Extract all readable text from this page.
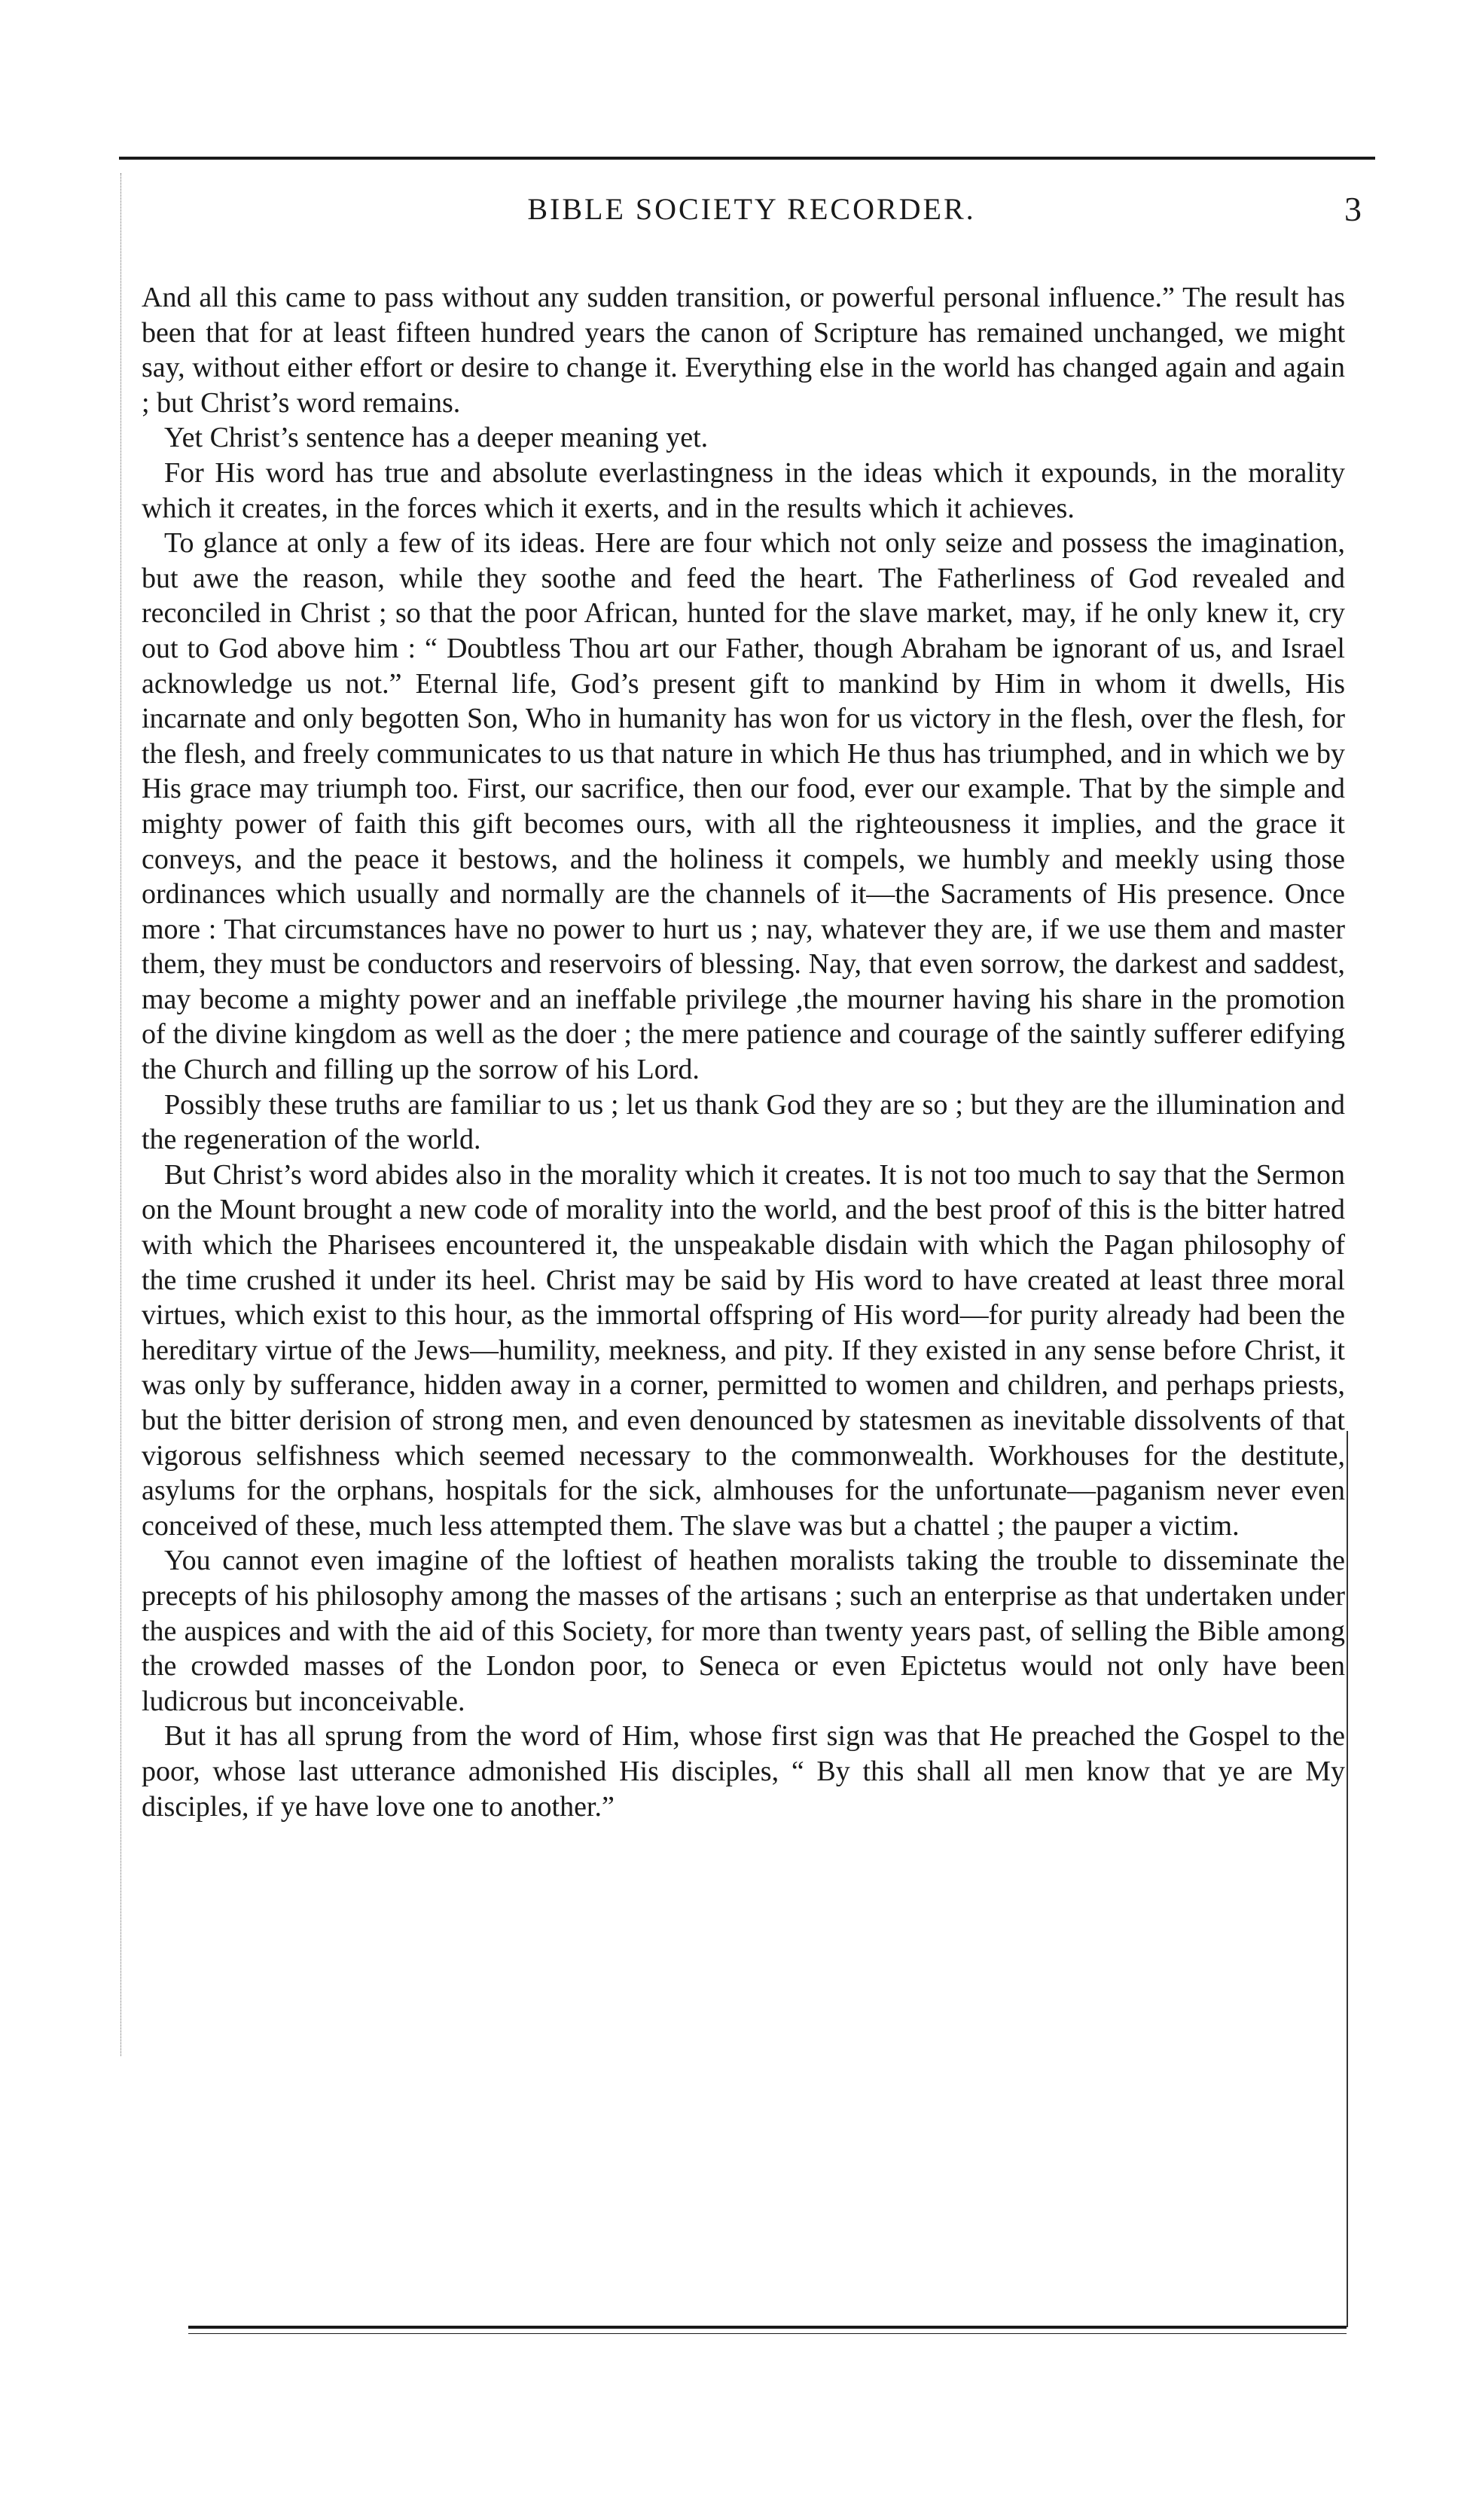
BIBLE SOCIETY RECORDER.	3

And all this came to pass without any sudden transition, or powerful personal influence.” The result has been that for at least fifteen hundred years the canon of Scripture has remained unchanged, we might say, without either effort or desire to change it. Everything else in the world has changed again and again ; but Christ’s word remains.

Yet Christ’s sentence has a deeper meaning yet.

For His word has true and absolute everlastingness in the ideas which it expounds, in the morality which it creates, in the forces which it exerts, and in the results which it achieves.

To glance at only a few of its ideas. Here are four which not only seize and possess the imagination, but awe the reason, while they soothe and feed the heart. The Fatherliness of God revealed and reconciled in Christ ; so that the poor African, hunted for the slave market, may, if he only knew it, cry out to God above him : “ Doubtless Thou art our Father, though Abraham be ignorant of us, and Israel acknowledge us not.” Eternal life, God’s present gift to mankind by Him in whom it dwells, His incarnate and only begotten Son, Who in humanity has won for us victory in the flesh, over the flesh, for the flesh, and freely communicates to us that nature in which He thus has triumphed, and in which we by His grace may triumph too. First, our sacrifice, then our food, ever our example. That by the simple and mighty power of faith this gift becomes ours, with all the righteousness it implies, and the grace it conveys, and the peace it bestows, and the holiness it compels, we humbly and meekly using those ordinances which usually and normally are the channels of it—the Sacraments of His presence. Once more : That circumstances have no power to hurt us ; nay, whatever they are, if we use them and master them, they must be conductors and reservoirs of blessing. Nay, that even sorrow, the darkest and saddest, may become a mighty power and an ineffable privilege ,the mourner having his share in the promotion of the divine kingdom as well as the doer ; the mere patience and courage of the saintly sufferer edifying the Church and filling up the sorrow of his Lord.

Possibly these truths are familiar to us ; let us thank God they are so ; but they are the illumination and the regeneration of the world.

But Christ’s word abides also in the morality which it creates. It is not too much to say that the Sermon on the Mount brought a new code of morality into the world, and the best proof of this is the bitter hatred with which the Pharisees encountered it, the unspeakable disdain with which the Pagan philosophy of the time crushed it under its heel. Christ may be said by His word to have created at least three moral virtues, which exist to this hour, as the immortal offspring of His word—for purity already had been the hereditary virtue of the Jews—humility, meekness, and pity. If they existed in any sense before Christ, it was only by sufferance, hidden away in a corner, permitted to women and children, and perhaps priests, but the bitter derision of strong men, and even denounced by statesmen as inevitable dissolvents of that vigorous selfishness which seemed necessary to the commonwealth. Workhouses for the destitute, asylums for the orphans, hospitals for the sick, almhouses for the unfortunate—paganism never even conceived of these, much less attempted them. The slave was but a chattel ; the pauper a victim.

You cannot even imagine of the loftiest of heathen moralists taking the trouble to disseminate the precepts of his philosophy among the masses of the artisans ; such an enterprise as that undertaken under the auspices and with the aid of this Society, for more than twenty years past, of selling the Bible among the crowded masses of the London poor, to Seneca or even Epictetus would not only have been ludicrous but inconceivable.

But it has all sprung from the word of Him, whose first sign was that He preached the Gospel to the poor, whose last utterance admonished His disciples, “ By this shall all men know that ye are My disciples, if ye have love one to another.”
